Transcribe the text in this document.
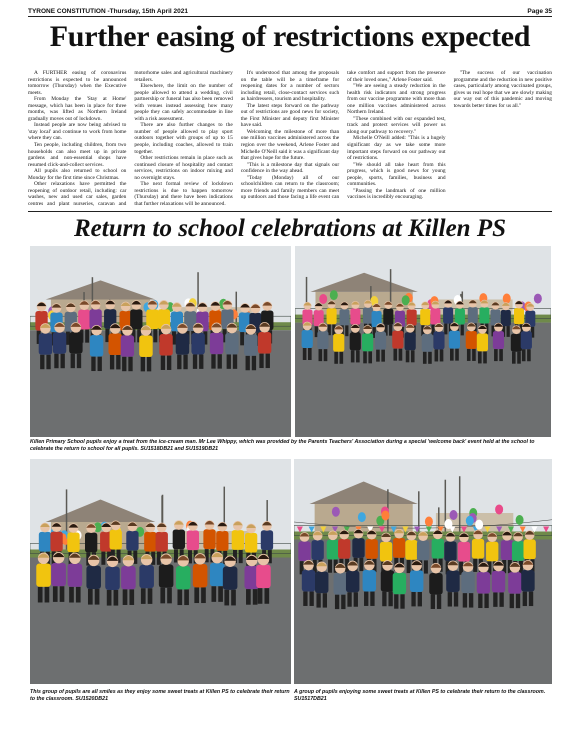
TYRONE CONSTITUTION -Thursday, 15th April 2021	Page 35
Further easing of restrictions expected

A FURTHER easing of coronavirus restrictions is expected to be announced tomorrow (Thursday) when the Executive meets.

From Monday the 'Stay at Home' message, which has been in place for three months, was lifted as Northern Ireland gradually moves out of lockdown.

Instead people are now being advised to 'stay local' and continue to work from home where they can.

Ten people, including children, from two households can also meet up in private gardens and non-essential shops have resumed click-and-collect services.

All pupils also returned to school on Monday for the first time since Christmas.

Other relaxations have permitted the reopening of outdoor retail, including: car washes, new and used car sales, garden centres and plant nurseries, caravan and motorhome sales and agricultural machinery retailers.

Elsewhere, the limit on the number of people allowed to attend a wedding, civil partnership or funeral has also been removed with venues instead assessing how many people they can safely accommodate in line with a risk assessment.

There are also further changes to the number of people allowed to play sport outdoors together with groups of up to 15 people, including coaches, allowed to train together.

Other restrictions remain in place such as continued closure of hospitality and contact services, restrictions on indoor mixing and no overnight stays.

The next formal review of lockdown restrictions is due to happen tomorrow (Thursday) and there have been indications that further relaxations will be announced.

It's understood that among the proposals on the table will be a timeframe for reopening dates for a number of sectors including retail, close-contact services such as hairdressers, tourism and hospitality.

The latest steps forward on the pathway out of restrictions are good news for society, the First Minister and deputy first Minister have said.

Welcoming the milestone of more than one million vaccines administered across the region over the weekend, Arlene Foster and Michelle O'Neill said it was a significant day that gives hope for the future.

"This is a milestone day that signals our confidence in the way ahead.

"Today (Monday) all of our schoolchildren can return to the classroom; more friends and family members can meet up outdoors and those facing a life event can take comfort and support from the presence of their loved ones," Arlene Foster said.

"We are seeing a steady reduction in the health risk indicators and strong progress from our vaccine programme with more than one million vaccines administered across Northern Ireland.

"These combined with our expanded test, track and protect services will power us along our pathway to recovery."

Michelle O'Neill added: "This is a hugely significant day as we take some more important steps forward on our pathway out of restrictions.

"We should all take heart from this progress, which is good news for young people, sports, families, business and communities.

"Passing the landmark of one million vaccines is incredibly encouraging.

"The success of our vaccination programme and the reduction in new positive cases, particularly among vaccinated groups, gives us real hope that we are slowly making our way out of this pandemic and moving towards better times for us all."

Return to school celebrations at Killen PS
Killen Primary School pupils enjoy a treat from the ice-cream man. Mr Lee Whippy, which was provided by the Parents Teachers' Association during a special 'welcome back' event held at the school to celebrate the return to school for all pupils. SU1518DB21 and SU1519DB21
This group of pupils are all smiles as they enjoy some sweet treats at Killen PS to celebrate their return to the classroom. SU1520DB21
A group of pupils enjoying some sweet treats at Killen PS to celebrate their return to the classroom. SU1517DB21
